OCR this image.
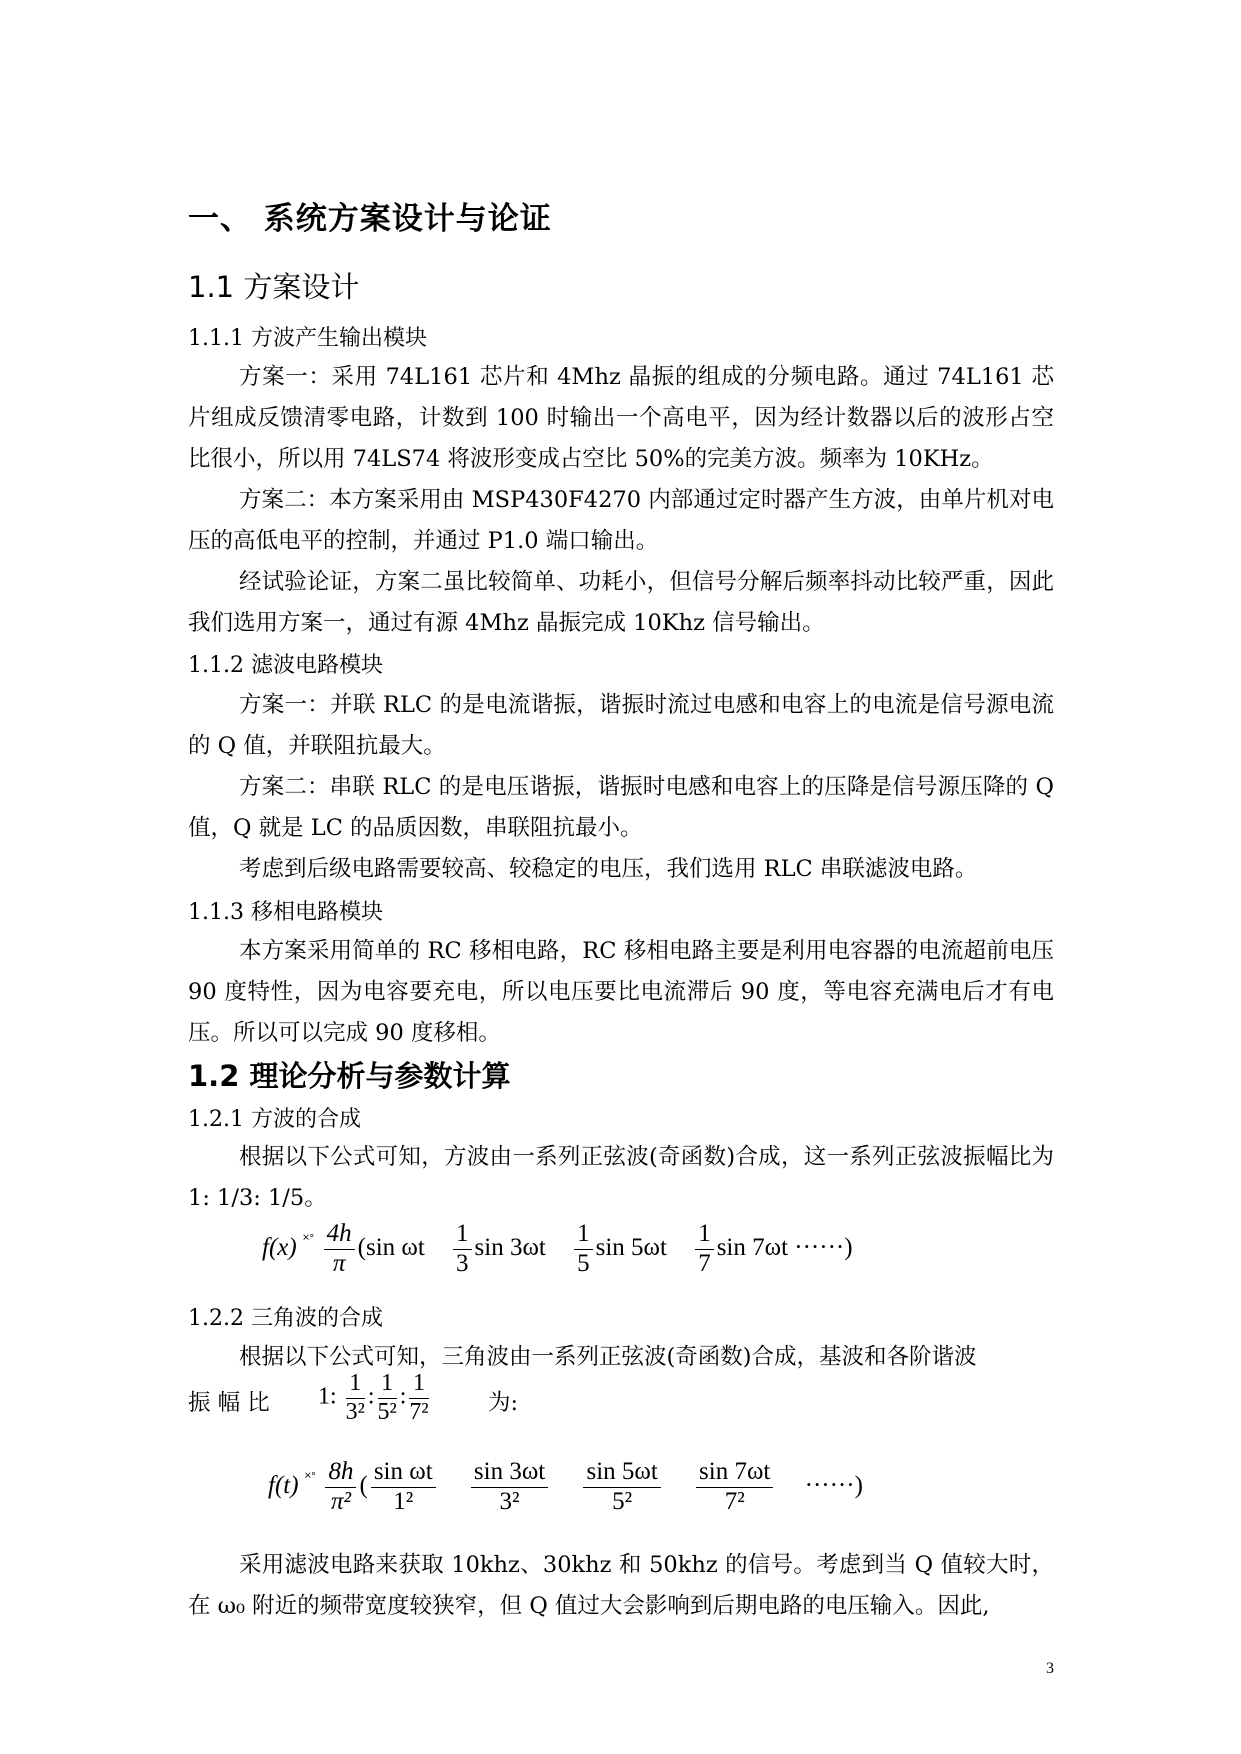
一、 系统方案设计与论证
1.1 方案设计
1.1.1 方波产生输出模块

方案一：采用 74L161 芯片和 4Mhz 晶振的组成的分频电路。通过 74L161 芯片组成反馈清零电路，计数到 100 时输出一个高电平，因为经计数器以后的波形占空比很小，所以用 74LS74 将波形变成占空比 50%的完美方波。频率为 10KHz。

方案二：本方案采用由 MSP430F4270 内部通过定时器产生方波，由单片机对电压的高低电平的控制，并通过 P1.0 端口输出。

经试验论证，方案二虽比较简单、功耗小，但信号分解后频率抖动比较严重，因此我们选用方案一，通过有源 4Mhz 晶振完成 10Khz 信号输出。

1.1.2 滤波电路模块

方案一：并联 RLC 的是电流谐振，谐振时流过电感和电容上的电流是信号源电流的 Q 值，并联阻抗最大。

方案二：串联 RLC 的是电压谐振，谐振时电感和电容上的压降是信号源压降的 Q 值，Q 就是 LC 的品质因数，串联阻抗最小。

考虑到后级电路需要较高、较稳定的电压，我们选用 RLC 串联滤波电路。

1.1.3 移相电路模块

本方案采用简单的 RC 移相电路，RC 移相电路主要是利用电容器的电流超前电压 90 度特性，因为电容要充电，所以电压要比电流滞后 90 度，等电容充满电后才有电压。所以可以完成 90 度移相。

1.2 理论分析与参数计算
1.2.1 方波的合成

根据以下公式可知，方波由一系列正弦波(奇函数)合成，这一系列正弦波振幅比为 1: 1/3: 1/5。

f(x) $^{˟˚} \frac{4h}{\pi} (\sin$ ωt $\frac{1}{3}$ $\sin 3\omega t \frac{1}{5}$ $\sin 5\omega t \frac{1}{7}$ sin 7ωt ······)
1.2.2 三角波的合成

根据以下公式可知，三角波由一系列正弦波(奇函数)合成，基波和各阶谐波

振 幅 比 1: $\frac{1}{\text{3²}}$ : $\frac{1}{\text{5²}}$ : $\frac{1}{\text{7²}}$	为:
f(t) $^{˟˚} \frac{8h}{\text{π²}}$ ( $\frac{\text{sin ωt}}{\text{1²}}$
$\frac{\sin 3\omega t}{\text{3²}}$
$\frac{\sin 5\omega t}{\text{5²}}$
$\frac{\sin 7\omega t}{\text{7²}}$ ······)

采用滤波电路来获取 10khz、30khz 和 50khz 的信号。考虑到当 Q 值较大时，在 ω₀ 附近的频带宽度较狭窄，但 Q 值过大会影响到后期电路的电压输入。因此,

3
